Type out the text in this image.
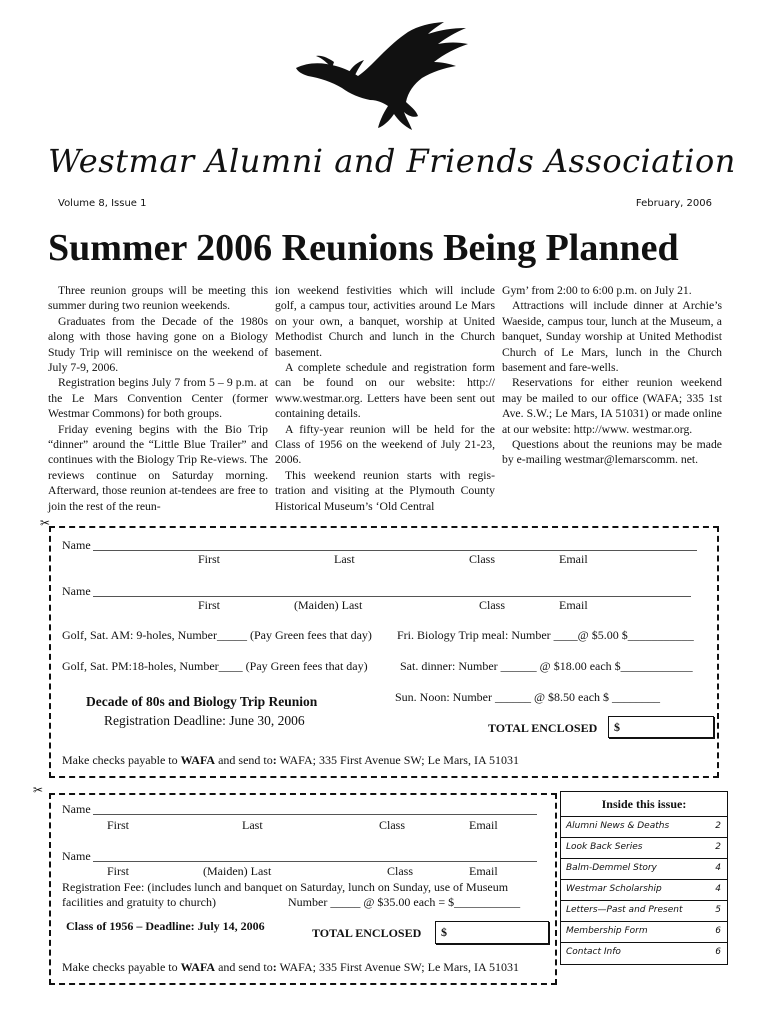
Westmar Alumni and Friends Association
Volume 8, Issue 1	February, 2006
Summer 2006 Reunions Being Planned

Three reunion groups will be meeting this summer during two reunion weekends.

Graduates from the Decade of the 1980s along with those having gone on a Biology Study Trip will reminisce on the weekend of July 7-9, 2006.

Registration begins July 7 from 5 – 9 p.m. at the Le Mars Convention Center (former Westmar Commons) for both groups.

Friday evening begins with the Bio Trip “dinner” around the “Little Blue Trailer” and continues with the Biology Trip Re-views. The reviews continue on Saturday morning. Afterward, those reunion at-tendees are free to join the rest of the reun-

ion weekend festivities which will include golf, a campus tour, activities around Le Mars on your own, a banquet, worship at United Methodist Church and lunch in the Church basement.

A complete schedule and registration form can be found on our website: http:// www.westmar.org. Letters have been sent out containing details.

A fifty-year reunion will be held for the Class of 1956 on the weekend of July 21-23, 2006.

This weekend reunion starts with regis-tration and visiting at the Plymouth County Historical Museum’s ‘Old Central

Gym’ from 2:00 to 6:00 p.m. on July 21.

Attractions will include dinner at Archie’s Waeside, campus tour, lunch at the Museum, a banquet, Sunday worship at United Methodist Church of Le Mars, lunch in the Church basement and fare-wells.

Reservations for either reunion weekend may be mailed to our office (WAFA; 335 1st Ave. S.W.; Le Mars, IA 51031) or made online at our website: http://www. westmar.org.

Questions about the reunions may be made by e-mailing westmar@lemarscomm. net.

✂
Name
First	Last	Class	Email
Name
First	(Maiden) Last	Class	Email
Golf, Sat. AM: 9-holes, Number_____ (Pay Green fees that day) Fri. Biology Trip meal: Number ____@ $5.00 $___________
Golf, Sat. PM:18-holes, Number____ (Pay Green fees that day)	Sat. dinner: Number ______ @ $18.00 each $____________
Decade of 80s and Biology Trip Reunion
Registration Deadline: June 30, 2006
Sun. Noon: Number ______ @ $8.50 each $ ________
TOTAL ENCLOSED $
Make checks payable to WAFA and send to: WAFA; 335 First Avenue SW; Le Mars, IA 51031
✂
Name
First	Last	Class	Email
Name
First	(Maiden) Last	Class	Email
Registration Fee: (includes lunch and banquet on Saturday, lunch on Sunday, use of Museum
facilities and gratuity to church)	Number _____ @ $35.00 each = $___________
Class of 1956 – Deadline: July 14, 2006	TOTAL ENCLOSED $
Make checks payable to WAFA and send to: WAFA; 335 First Avenue SW; Le Mars, IA 51031
Inside this issue:
Alumni News & Deaths	2
Look Back Series	2
Balm-Demmel Story	4
Westmar Scholarship	4
Letters—Past and Present	5
Membership Form	6
Contact Info	6
